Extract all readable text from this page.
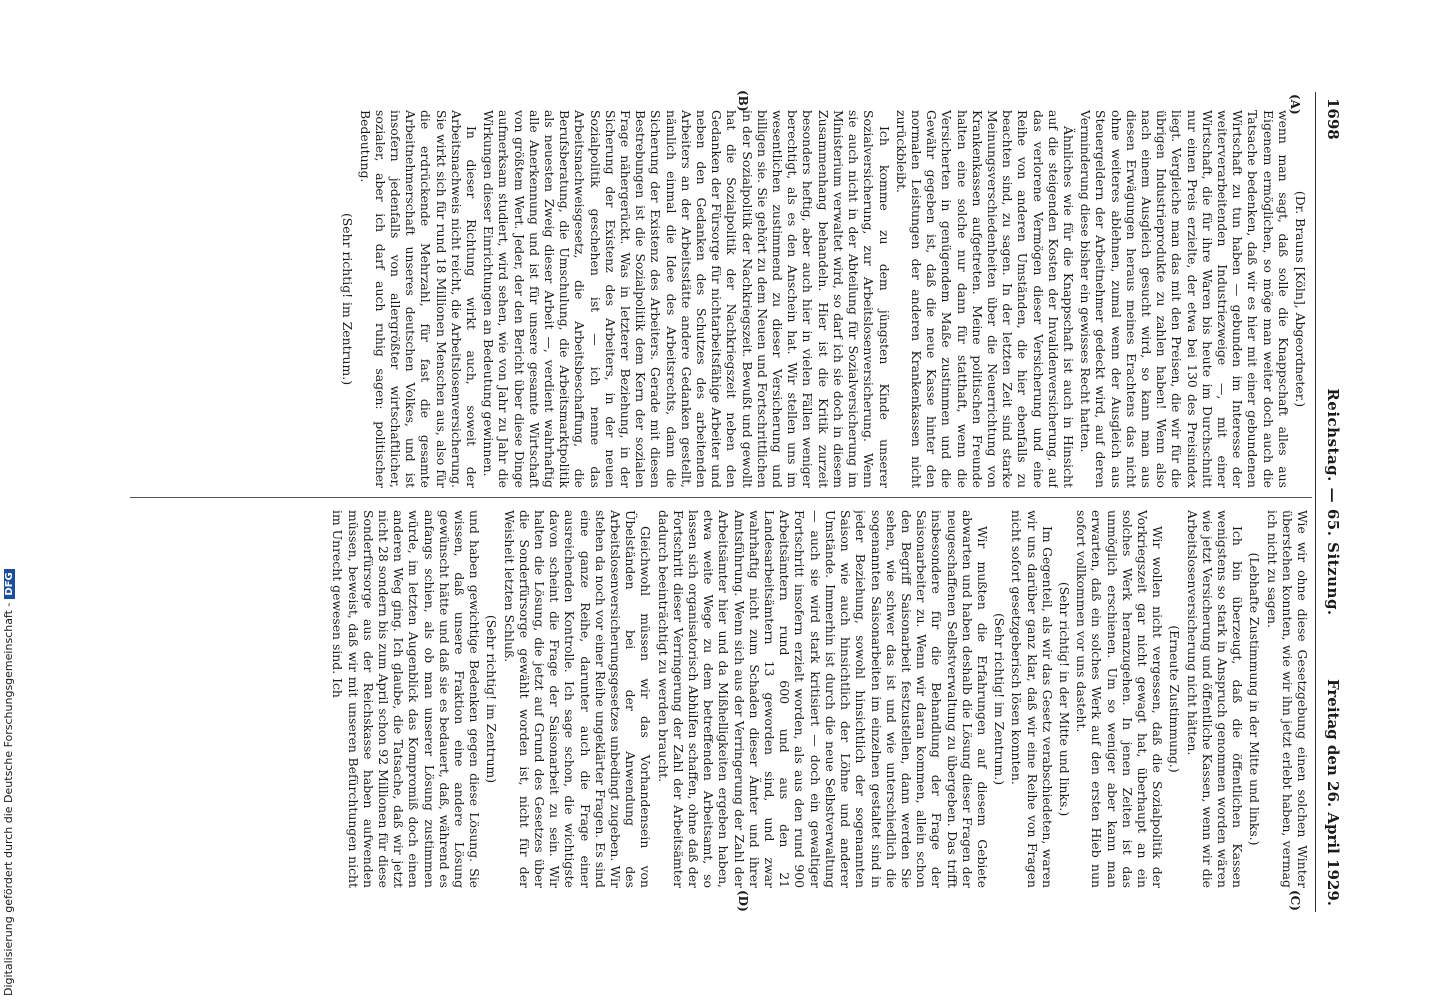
1698
Reichstag. — 65. Sitzung.
Freitag den 26. April 1929.
(A)
(B)
(C)
(D)

(Dr. Brauns [Köln], Abgeordneter.)

wenn man sagt, daß solle die Knappschaft alles aus Eigenem ermöglichen, so möge man weiter doch auch die Tatsache bedenken, daß wir es hier mit einer gebundenen Wirtschaft zu tun haben — gebunden im Interesse der weiterverarbeitenden Industriezweige —, mit einer Wirtschaft, die für ihre Waren bis heute im Durchschnitt nur einen Preis erzielte, der etwa bei 130 des Preisindex liegt. Vergleiche man das mit den Preisen, die wir für die übrigen Industrieprodukte zu zahlen haben! Wenn also nach einem Ausgleich gesucht wird, so kann man aus diesen Erwägungen heraus meines Erachtens das nicht ohne weiteres ablehnen, zumal wenn der Ausgleich aus Steuergeldern der Arbeitnehmer gedeckt wird, auf deren Verminderung diese bisher ein gewisses Recht hatten.

Ähnliches wie für die Knappschaft ist auch in Hinsicht auf die steigenden Kosten der Invalidenversicherung, auf das verlorene Vermögen dieser Versicherung und eine Reihe von anderen Umständen, die hier ebenfalls zu beachten sind, zu sagen. In der letzten Zeit sind starke Meinungsverschiedenheiten über die Neuerrichtung von Krankenkassen aufgetreten. Meine politischen Freunde halten eine solche nur dann für statthaft, wenn die Versicherten in genügendem Maße zustimmen und die Gewähr gegeben ist, daß die neue Kasse hinter den normalen Leistungen der anderen Krankenkassen nicht zurückbleibt.

Ich komme zu dem jüngsten Kinde unserer Sozialversicherung, zur Arbeitslosenversicherung. Wenn sie auch nicht in der Abteilung für Sozialversicherung im Ministerium verwaltet wird, so darf ich sie doch in diesem Zusammenhang behandeln. Hier ist die Kritik zurzeit besonders heftig, aber auch hier in vielen Fällen weniger berechtigt, als es den Anschein hat. Wir stellen uns im wesentlichen zustimmend zu dieser Versicherung und billigen sie. Sie gehört zu dem Neuen und Fortschrittlichen in der Sozialpolitik der Nachkriegszeit. Bewußt und gewollt hat die Sozialpolitik der Nachkriegszeit neben den Gedanken der Fürsorge für nichtarbeitsfähige Arbeiter und neben den Gedanken des Schutzes des arbeitenden Arbeiters an der Arbeitsstätte andere Gedanken gestellt, nämlich einmal die Idee des Arbeitsrechts, dann die Sicherung der Existenz des Arbeiters. Gerade mit diesen Bestrebungen ist die Sozialpolitik dem Kern der sozialen Frage nähergerückt. Was in letzterer Beziehung, in der Sicherung der Existenz des Arbeiters, in der neuen Sozialpolitik geschehen ist — ich nenne das Arbeitsnachweisgesetz, die Arbeitsbeschaffung, die Berufsberatung, die Umschulung, die Arbeitsmarktpolitik als neuesten Zweig dieser Arbeit —, verdient wahrhaftig alle Anerkennung und ist für unsere gesamte Wirtschaft von größtem Wert. Jeder, der den Bericht über diese Dinge aufmerksam studiert, wird sehen, wie von Jahr zu Jahr die Wirkungen dieser Einrichtungen an Bedeutung gewinnen.

In dieser Richtung wirkt auch, soweit der Arbeitsnachweis nicht reicht, die Arbeitslosenversicherung. Sie wirkt sich für rund 18 Millionen Menschen aus, also für die erdrückende Mehrzahl, für fast die gesamte Arbeitnehmerschaft unseres deutschen Volkes, und ist insofern jedenfalls von allergrößter wirtschaftlicher, sozialer, aber ich darf auch ruhig sagen: politischer Bedeutung.

(Sehr richtig! im Zentrum.)

Wie wir ohne diese Gesetzgebung einen solchen Winter überstehen konnten, wie wir ihn jetzt erlebt haben, vermag ich nicht zu sagen.

(Lebhafte Zustimmung in der Mitte und links.)

Ich bin überzeugt, daß die öffentlichen Kassen wenigstens so stark in Anspruch genommen worden wären wie jetzt Versicherung und öffentliche Kassen, wenn wir die Arbeitslosenversicherung nicht hätten.

(Erneute Zustimmung.)

Wir wollen nicht vergessen, daß die Sozialpolitik der Vorkriegszeit gar nicht gewagt hat, überhaupt an ein solches Werk heranzugehen. In jenen Zeiten ist das unmöglich erschienen. Um so weniger aber kann man erwarten, daß ein solches Werk auf den ersten Hieb nun sofort vollkommen vor uns dasteht.

(Sehr richtig! in der Mitte und links.)

Im Gegenteil, als wir das Gesetz verabschiedeten, waren wir uns darüber ganz klar, daß wir eine Reihe von Fragen nicht sofort gesetzgeberisch lösen konnten.

(Sehr richtig! im Zentrum.)

Wir mußten die Erfahrungen auf diesem Gebiete abwarten und haben deshalb die Lösung dieser Fragen der neugeschaffenen Selbstverwaltung zu übergeben. Das trifft insbesondere für die Behandlung der Frage der Saisonarbeiter zu. Wenn wir daran kommen, allein schon den Begriff Saisonarbeit festzustellen, dann werden Sie sehen, wie schwer das ist und wie unterschiedlich die sogenannten Saisonarbeiten im einzelnen gestaltet sind in jeder Beziehung, sowohl hinsichtlich der sogenannten Saison wie auch hinsichtlich der Löhne und anderer Umstände. Immerhin ist durch die neue Selbstverwaltung — auch sie wird stark kritisiert — doch ein gewaltiger Fortschritt insofern erzielt worden, als aus den rund 900 Arbeitsämtern rund 600 und aus den 21 Landesarbeitsämtern 13 geworden sind, und zwar wahrhaftig nicht zum Schaden dieser Ämter und ihrer Amtsführung. Wenn sich aus der Verringerung der Zahl der Arbeitsämter hier und da Mißhelligkeiten ergeben haben, etwa weite Wege zu dem betreffenden Arbeitsamt, so lassen sich organisatorisch Abhilfen schaffen, ohne daß der Fortschritt dieser Verringerung der Zahl der Arbeitsämter dadurch beeinträchtigt zu werden braucht.

Gleichwohl müssen wir das Vorhandensein von Übelständen bei der Anwendung des Arbeitslosenversicherungsgesetzes unbedingt zugeben. Wir stehen da noch vor einer Reihe ungeklärter Fragen. Es sind eine ganze Reihe, darunter auch die Frage einer ausreichenden Kontrolle. Ich sage schon, die wichtigste davon scheint die Frage der Saisonarbeit zu sein. Wir halten die Lösung, die jetzt auf Grund des Gesetzes über die Sonderfürsorge gewählt worden ist, nicht für der Weisheit letzten Schluß.

(Sehr richtig! im Zentrum)

und haben gewichtige Bedenken gegen diese Lösung. Sie wissen, daß unsere Fraktion eine andere Lösung gewünscht hätte und daß sie es bedauert, daß, während es anfangs schien, als ob man unserer Lösung zustimmen würde, im letzten Augenblick das Kompromiß doch einen anderen Weg ging. Ich glaube, die Tatsache, daß wir jetzt nicht 28 sondern bis zum April schon 92 Millionen für diese Sonderfürsorge aus der Reichskasse haben aufwenden müssen, beweist, daß wir mit unseren Befürchtungen nicht im Unrecht gewesen sind. Ich

Digitalisierung gefördert durch die Deutsche Forschungsgemeinschaft -DFG
